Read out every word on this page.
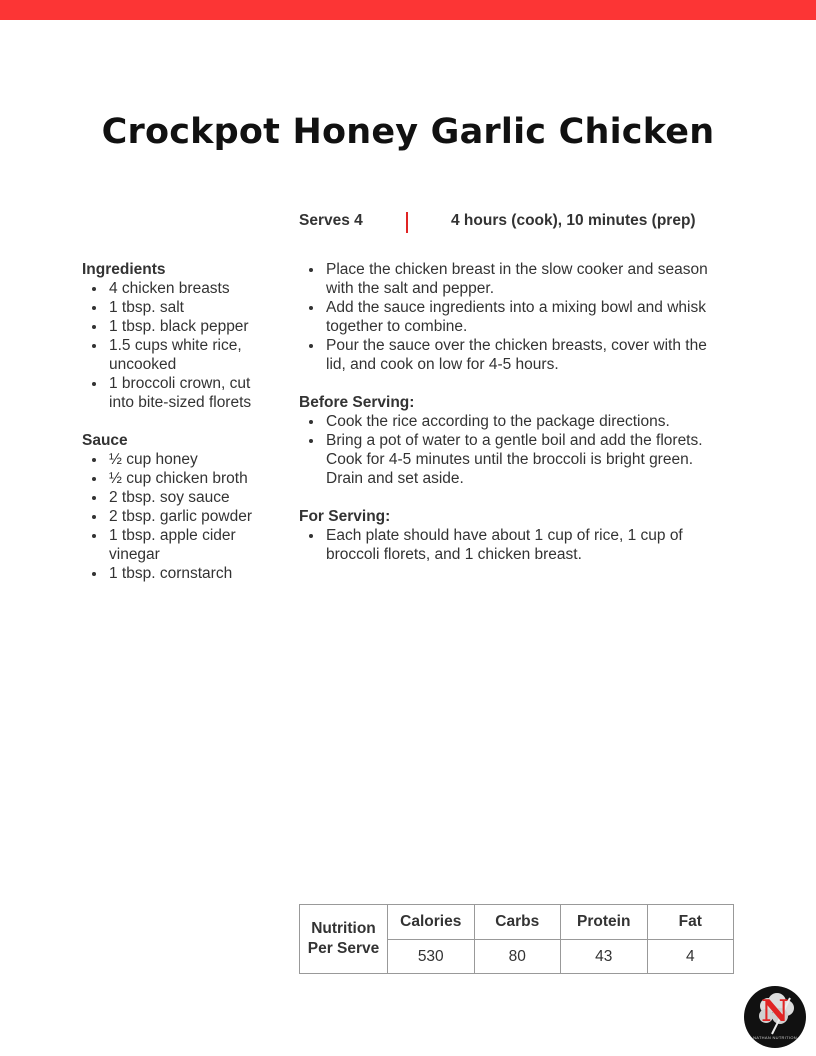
Crockpot Honey Garlic Chicken
Serves 4	4 hours (cook), 10 minutes (prep)
Ingredients
4 chicken breasts
1 tbsp. salt
1 tbsp. black pepper
1.5 cups white rice, uncooked
1 broccoli crown, cut into bite-sized florets
Sauce
½ cup honey
½ cup chicken broth
2 tbsp. soy sauce
2 tbsp. garlic powder
1 tbsp. apple cider vinegar
1 tbsp. cornstarch
Place the chicken breast in the slow cooker and season with the salt and pepper.
Add the sauce ingredients into a mixing bowl and whisk together to combine.
Pour the sauce over the chicken breasts, cover with the lid, and cook on low for 4-5 hours.
Before Serving:
Cook the rice according to the package directions.
Bring a pot of water to a gentle boil and add the florets. Cook for 4-5 minutes until the broccoli is bright green. Drain and set aside.
For Serving:
Each plate should have about 1 cup of rice, 1 cup of broccoli florets, and 1 chicken breast.
Nutrition
Per Serve	Calories	Carbs	Protein	Fat
	530	80	43	4
N
NATHAN NUTRITION
